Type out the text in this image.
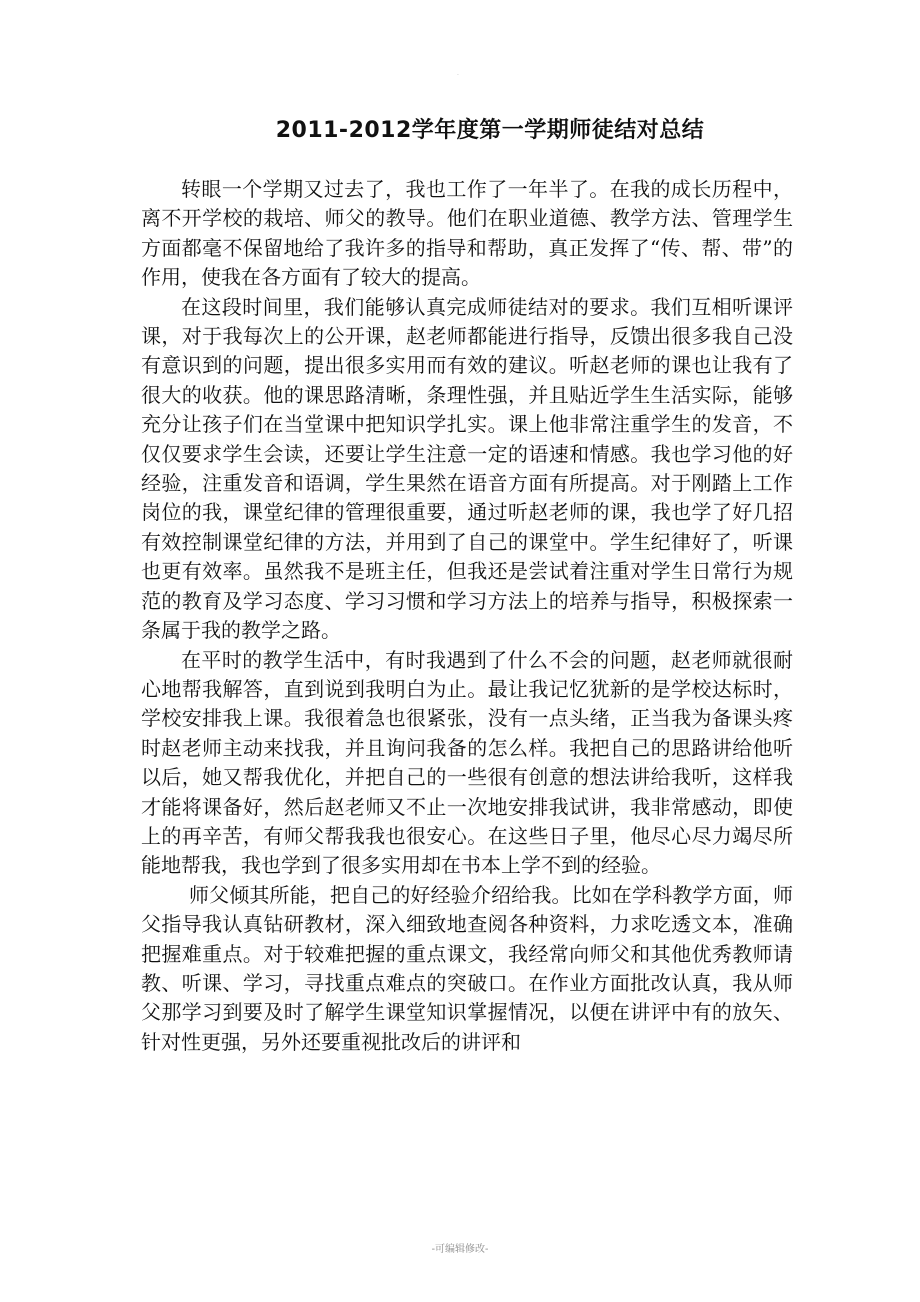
.
2011-2012学年度第一学期师徒结对总结

转眼一个学期又过去了，我也工作了一年半了。在我的成长历程中，离不开学校的栽培、师父的教导。他们在职业道德、教学方法、管理学生方面都毫不保留地给了我许多的指导和帮助，真正发挥了“传、帮、带”的作用，使我在各方面有了较大的提高。

在这段时间里，我们能够认真完成师徒结对的要求。我们互相听课评课，对于我每次上的公开课，赵老师都能进行指导，反馈出很多我自己没有意识到的问题，提出很多实用而有效的建议。听赵老师的课也让我有了很大的收获。他的课思路清晰，条理性强，并且贴近学生生活实际，能够充分让孩子们在当堂课中把知识学扎实。课上他非常注重学生的发音，不仅仅要求学生会读，还要让学生注意一定的语速和情感。我也学习他的好经验，注重发音和语调，学生果然在语音方面有所提高。对于刚踏上工作岗位的我，课堂纪律的管理很重要，通过听赵老师的课，我也学了好几招有效控制课堂纪律的方法，并用到了自己的课堂中。学生纪律好了，听课也更有效率。虽然我不是班主任，但我还是尝试着注重对学生日常行为规范的教育及学习态度、学习习惯和学习方法上的培养与指导，积极探索一条属于我的教学之路。

在平时的教学生活中，有时我遇到了什么不会的问题，赵老师就很耐心地帮我解答，直到说到我明白为止。最让我记忆犹新的是学校达标时，学校安排我上课。我很着急也很紧张，没有一点头绪，正当我为备课头疼时赵老师主动来找我，并且询问我备的怎么样。我把自己的思路讲给他听以后，她又帮我优化，并把自己的一些很有创意的想法讲给我听，这样我才能将课备好，然后赵老师又不止一次地安排我试讲，我非常感动，即使上的再辛苦，有师父帮我我也很安心。在这些日子里，他尽心尽力竭尽所能地帮我，我也学到了很多实用却在书本上学不到的经验。

师父倾其所能，把自己的好经验介绍给我。比如在学科教学方面，师父指导我认真钻研教材，深入细致地查阅各种资料，力求吃透文本，准确把握难重点。对于较难把握的重点课文，我经常向师父和其他优秀教师请教、听课、学习，寻找重点难点的突破口。在作业方面批改认真，我从师父那学习到要及时了解学生课堂知识掌握情况，以便在讲评中有的放矢、针对性更强，另外还要重视批改后的讲评和

-可编辑修改-
